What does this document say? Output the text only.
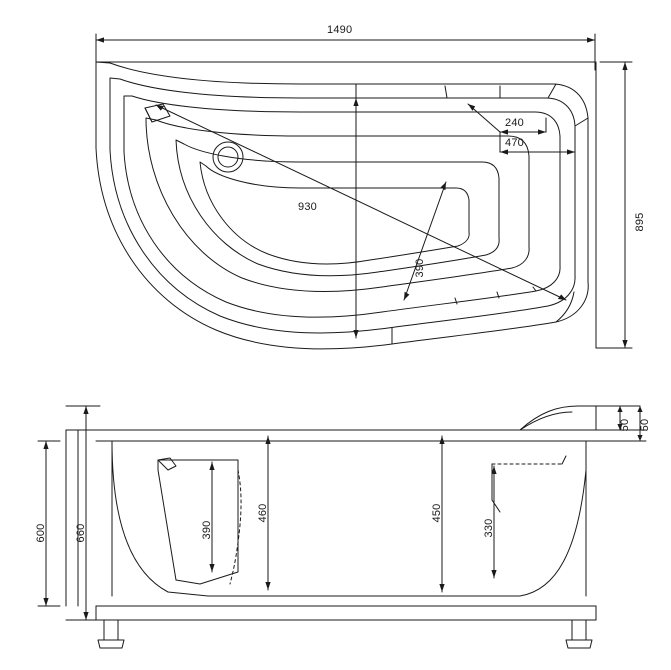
1490
895
930
390
240
470
600	660	390
460	450
330
50 50
